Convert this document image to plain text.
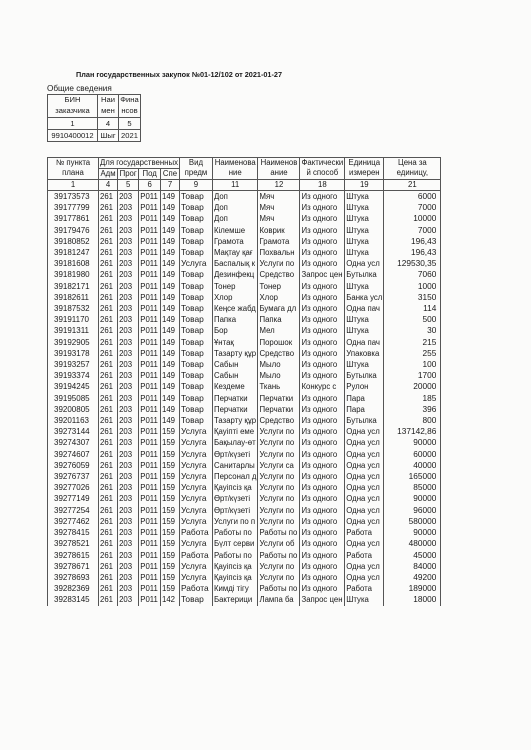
План государственных закупок №01-12/102 от 2021-01-27
Общие сведения
БИН заказчика	Наи мен	Фина нсов
1	4	5
9910400012	Шыг	2021
№ пункта плана	Для государственных				Вид предм	Наименова ние	Наименов ание	Фактически й способ	Единица измерен	Цена за единицу,
	Адм	Прог	Под	Спе						
1	4	5	6	7	9	11	12	18	19	21
39173573	261	203	P011	149	Товар	Доп	Мяч	Из одного	Штука	6000
39177799	261	203	P011	149	Товар	Доп	Мяч	Из одного	Штука	7000
39177861	261	203	P011	149	Товар	Доп	Мяч	Из одного	Штука	10000
39179476	261	203	P011	149	Товар	Кілемше	Коврик	Из одного	Штука	7000
39180852	261	203	P011	149	Товар	Грамота	Грамота	Из одного	Штука	196,43
39181247	261	203	P011	149	Товар	Мақтау қағ	Похвальн	Из одного	Штука	196,43
39181608	261	203	P011	149	Услуга	Баспалық к	Услуги по	Из одного	Одна усл	129530,35
39181980	261	203	P011	149	Товар	Дезинфекц	Средство	Запрос цен	Бутылка	7060
39182171	261	203	P011	149	Товар	Тонер	Тонер	Из одного	Штука	1000
39182611	261	203	P011	149	Товар	Хлор	Хлор	Из одного	Банка усл	3150
39187532	261	203	P011	149	Товар	Кеңсе жабд	Бумага дл	Из одного	Одна пач	114
39191170	261	203	P011	149	Товар	Папка	Папка	Из одного	Штука	500
39191311	261	203	P011	149	Товар	Бор	Мел	Из одного	Штука	30
39192905	261	203	P011	149	Товар	Ұнтақ	Порошок	Из одного	Одна пач	215
39193178	261	203	P011	149	Товар	Тазарту құр	Средство	Из одного	Упаковка	255
39193257	261	203	P011	149	Товар	Сабын	Мыло	Из одного	Штука	100
39193374	261	203	P011	149	Товар	Сабын	Мыло	Из одного	Бутылка	1700
39194245	261	203	P011	149	Товар	Кездеме	Ткань	Конкурс с	Рулон	20000
39195085	261	203	P011	149	Товар	Перчатки	Перчатки	Из одного	Пара	185
39200805	261	203	P011	149	Товар	Перчатки	Перчатки	Из одного	Пара	396
39201163	261	203	P011	149	Товар	Тазарту құр	Средство	Из одного	Бутылка	800
39273144	261	203	P011	159	Услуга	Қауіпті еме	Услуги по	Из одного	Одна усл	137142,86
39274307	261	203	P011	159	Услуга	Бақылау-өт	Услуги по	Из одного	Одна усл	90000
39274607	261	203	P011	159	Услуга	Өрт/күзеті	Услуги по	Из одного	Одна усл	60000
39276059	261	203	P011	159	Услуга	Санитарлы	Услуги са	Из одного	Одна усл	40000
39276737	261	203	P011	159	Услуга	Персонал д	Услуги по	Из одного	Одна усл	165000
39277026	261	203	P011	159	Услуга	Қауіпсіз қа	Услуги по	Из одного	Одна усл	85000
39277149	261	203	P011	159	Услуга	Өрт/күзеті	Услуги по	Из одного	Одна усл	90000
39277254	261	203	P011	159	Услуга	Өрт/күзеті	Услуги по	Из одного	Одна усл	96000
39277462	261	203	P011	159	Услуга	Услуги по п	Услуги по	Из одного	Одна усл	580000
39278415	261	203	P011	159	Работа	Работы по	Работы по	Из одного	Работа	90000
39278521	261	203	P011	159	Услуга	Бүлт серви	Услуги об	Из одного	Одна усл	480000
39278615	261	203	P011	159	Работа	Работы по	Работы по	Из одного	Работа	45000
39278671	261	203	P011	159	Услуга	Қауіпсіз қа	Услуги по	Из одного	Одна усл	84000
39278693	261	203	P011	159	Услуга	Қауіпсіз қа	Услуги по	Из одного	Одна усл	49200
39282369	261	203	P011	159	Работа	Кимді тігу	Работы по	Из одного	Работа	189000
39283145	261	203	P011	142	Товар	Бактерици	Лампа ба	Запрос цен	Штука	18000
